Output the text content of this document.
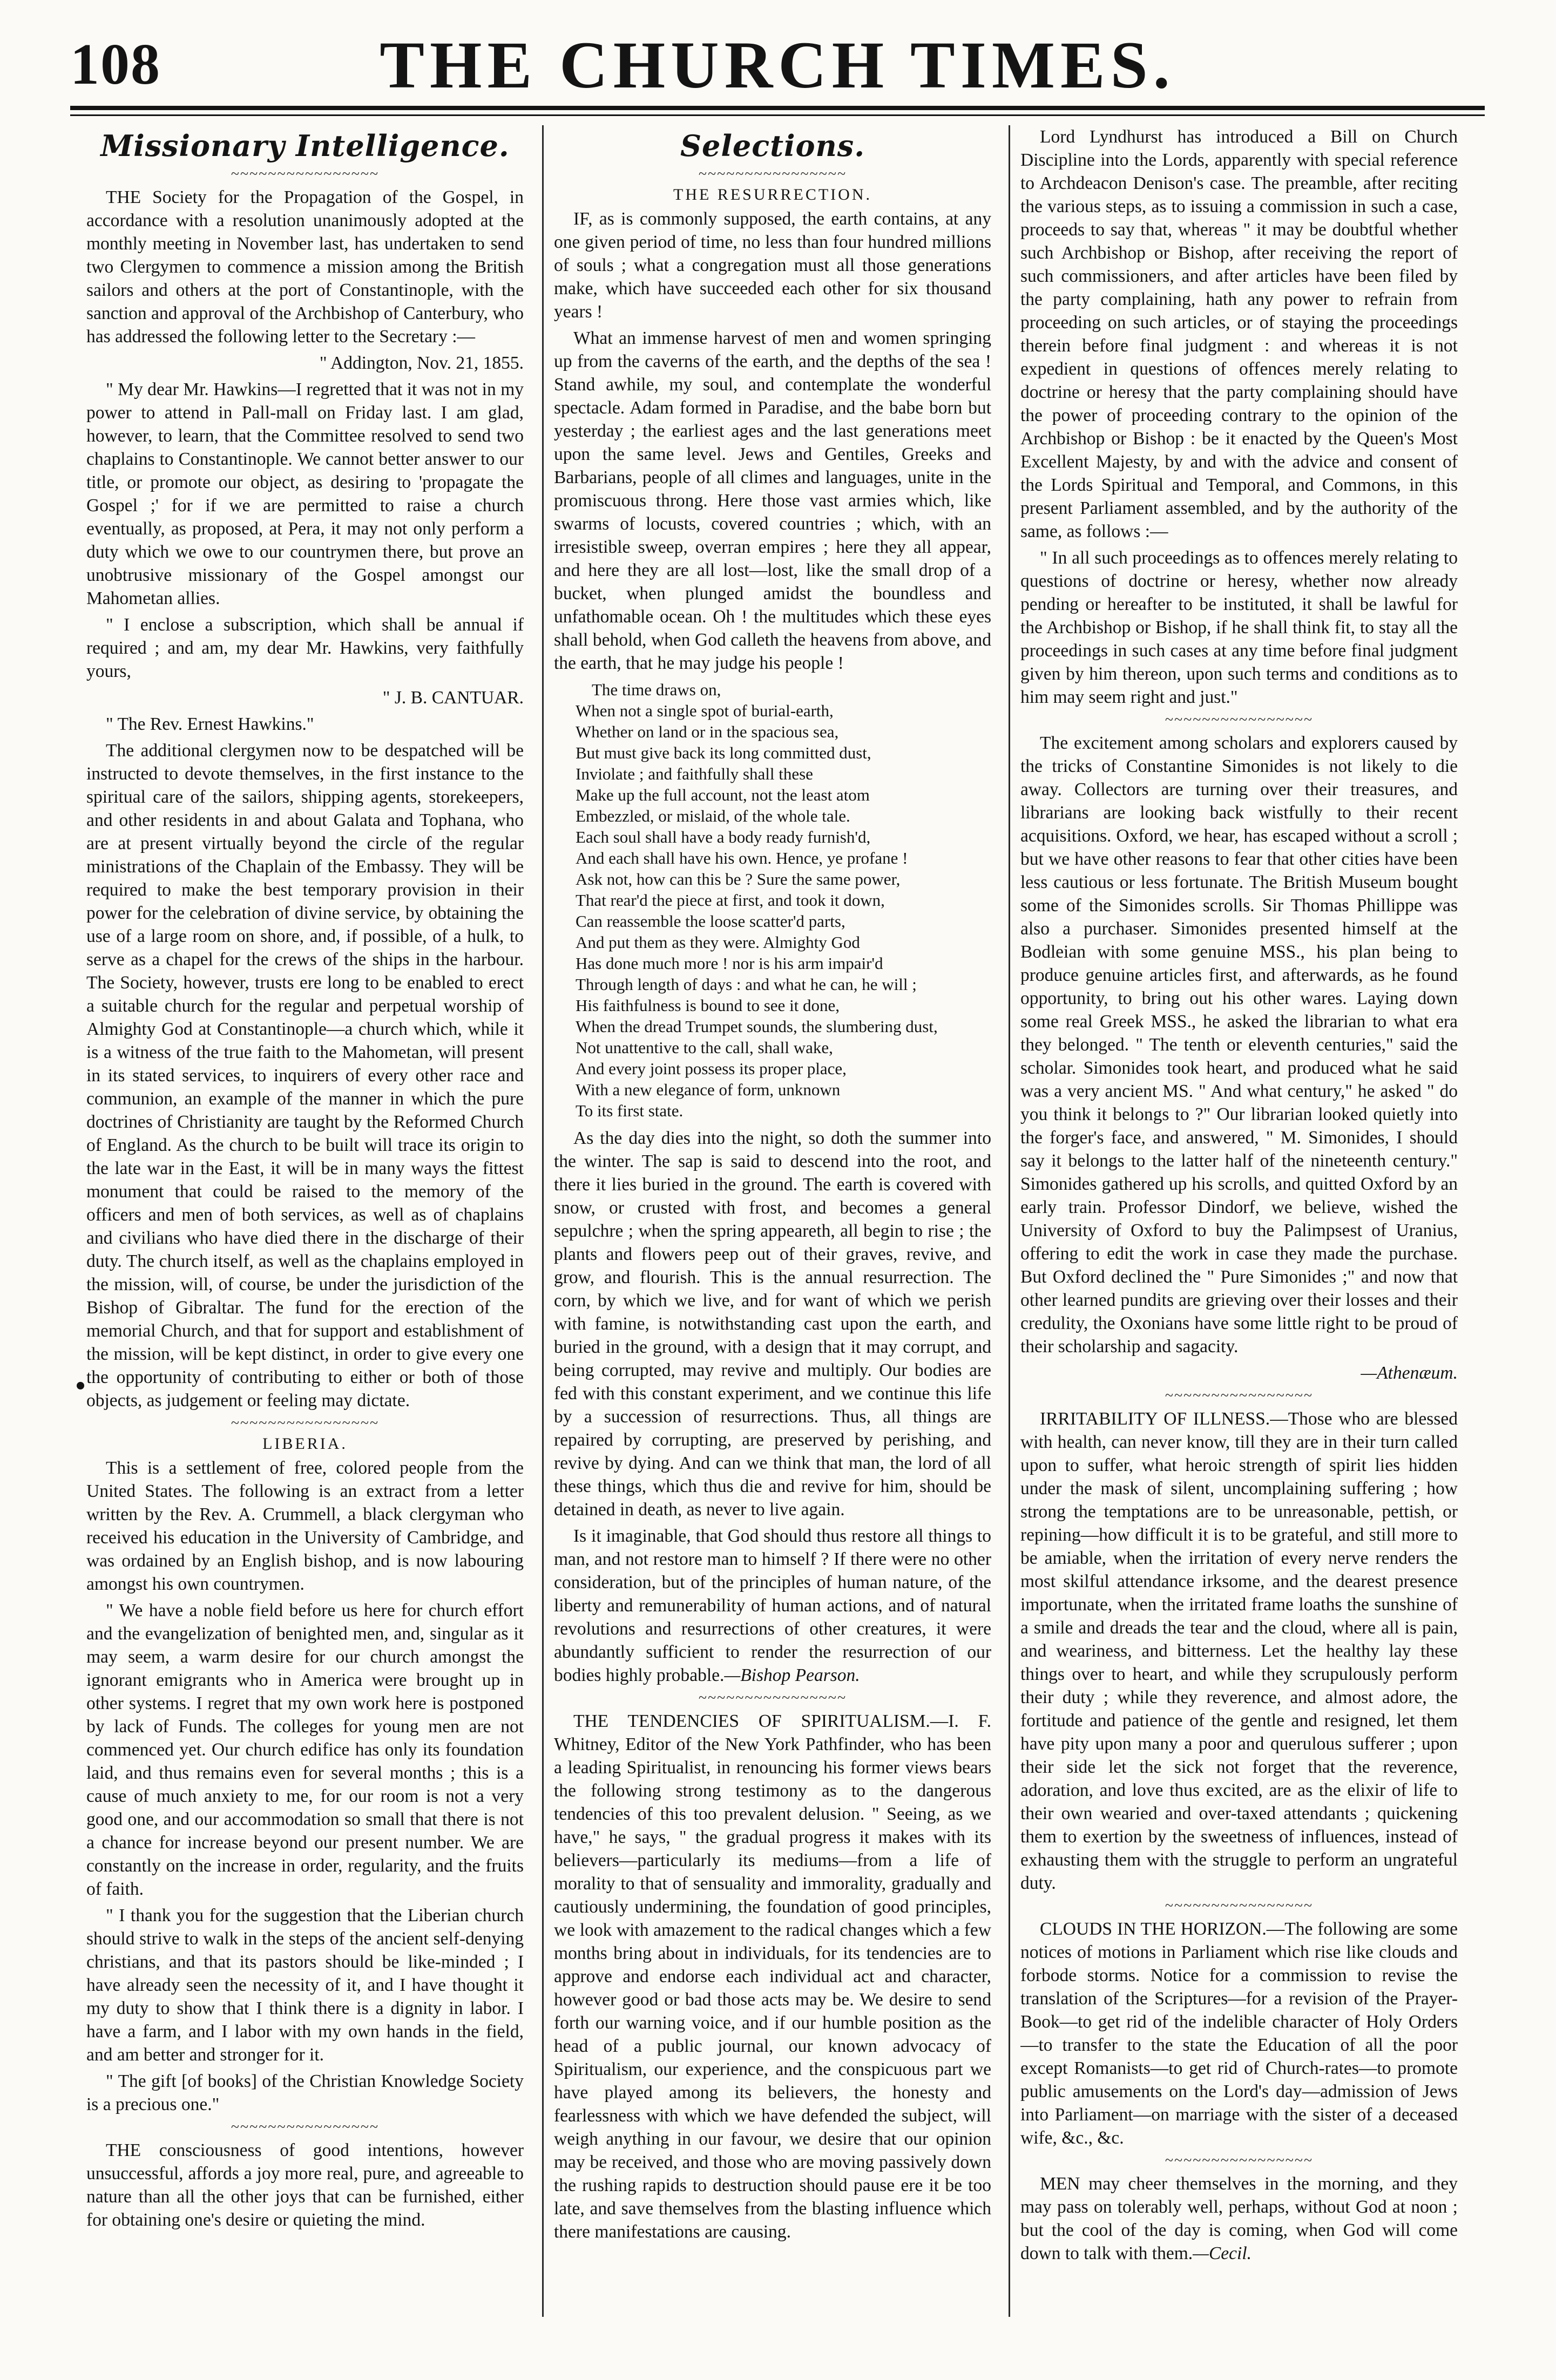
108	THE CHURCH TIMES.
Missionary Intelligence.
~~~~~~~~~~~~~~~~

THE Society for the Propagation of the Gospel, in accordance with a resolution unanimously adopted at the monthly meeting in November last, has undertaken to send two Clergymen to commence a mission among the British sailors and others at the port of Constantinople, with the sanction and approval of the Archbishop of Canterbury, who has addressed the following letter to the Secretary :—

" Addington, Nov. 21, 1855.

" My dear Mr. Hawkins—I regretted that it was not in my power to attend in Pall-mall on Friday last. I am glad, however, to learn, that the Committee resolved to send two chaplains to Constantinople. We cannot better answer to our title, or promote our object, as desiring to 'propagate the Gospel ;' for if we are permitted to raise a church eventually, as proposed, at Pera, it may not only perform a duty which we owe to our countrymen there, but prove an unobtrusive missionary of the Gospel amongst our Mahometan allies.

" I enclose a subscription, which shall be annual if required ; and am, my dear Mr. Hawkins, very faithfully yours,

" J. B. CANTUAR.

" The Rev. Ernest Hawkins."

The additional clergymen now to be despatched will be instructed to devote themselves, in the first instance to the spiritual care of the sailors, shipping agents, storekeepers, and other residents in and about Galata and Tophana, who are at present virtually beyond the circle of the regular ministrations of the Chaplain of the Embassy. They will be required to make the best temporary provision in their power for the celebration of divine service, by obtaining the use of a large room on shore, and, if possible, of a hulk, to serve as a chapel for the crews of the ships in the harbour. The Society, however, trusts ere long to be enabled to erect a suitable church for the regular and perpetual worship of Almighty God at Constantinople—a church which, while it is a witness of the true faith to the Mahometan, will present in its stated services, to inquirers of every other race and communion, an example of the manner in which the pure doctrines of Christianity are taught by the Reformed Church of England. As the church to be built will trace its origin to the late war in the East, it will be in many ways the fittest monument that could be raised to the memory of the officers and men of both services, as well as of chaplains and civilians who have died there in the discharge of their duty. The church itself, as well as the chaplains employed in the mission, will, of course, be under the jurisdiction of the Bishop of Gibraltar. The fund for the erection of the memorial Church, and that for support and establishment of the mission, will be kept distinct, in order to give every one the opportunity of contributing to either or both of those objects, as judgement or feeling may dictate.

~~~~~~~~~~~~~~~~
LIBERIA.

This is a settlement of free, colored people from the United States. The following is an extract from a letter written by the Rev. A. Crummell, a black clergyman who received his education in the University of Cambridge, and was ordained by an English bishop, and is now labouring amongst his own countrymen.

" We have a noble field before us here for church effort and the evangelization of benighted men, and, singular as it may seem, a warm desire for our church amongst the ignorant emigrants who in America were brought up in other systems. I regret that my own work here is postponed by lack of Funds. The colleges for young men are not commenced yet. Our church edifice has only its foundation laid, and thus remains even for several months ; this is a cause of much anxiety to me, for our room is not a very good one, and our accommodation so small that there is not a chance for increase beyond our present number. We are constantly on the increase in order, regularity, and the fruits of faith.

" I thank you for the suggestion that the Liberian church should strive to walk in the steps of the ancient self-denying christians, and that its pastors should be like-minded ; I have already seen the necessity of it, and I have thought it my duty to show that I think there is a dignity in labor. I have a farm, and I labor with my own hands in the field, and am better and stronger for it.

" The gift [of books] of the Christian Knowledge Society is a precious one."

~~~~~~~~~~~~~~~~

THE consciousness of good intentions, however unsuccessful, affords a joy more real, pure, and agreeable to nature than all the other joys that can be furnished, either for obtaining one's desire or quieting the mind.

Selections.
~~~~~~~~~~~~~~~~
THE RESURRECTION.

IF, as is commonly supposed, the earth contains, at any one given period of time, no less than four hundred millions of souls ; what a congregation must all those generations make, which have succeeded each other for six thousand years !

What an immense harvest of men and women springing up from the caverns of the earth, and the depths of the sea ! Stand awhile, my soul, and contemplate the wonderful spectacle. Adam formed in Paradise, and the babe born but yesterday ; the earliest ages and the last generations meet upon the same level. Jews and Gentiles, Greeks and Barbarians, people of all climes and languages, unite in the promiscuous throng. Here those vast armies which, like swarms of locusts, covered countries ; which, with an irresistible sweep, overran empires ; here they all appear, and here they are all lost—lost, like the small drop of a bucket, when plunged amidst the boundless and unfathomable ocean. Oh ! the multitudes which these eyes shall behold, when God calleth the heavens from above, and the earth, that he may judge his people !

The time draws on,
When not a single spot of burial-earth,
Whether on land or in the spacious sea,
But must give back its long committed dust,
Inviolate ; and faithfully shall these
Make up the full account, not the least atom
Embezzled, or mislaid, of the whole tale.
Each soul shall have a body ready furnish'd,
And each shall have his own. Hence, ye profane !
Ask not, how can this be ? Sure the same power,
That rear'd the piece at first, and took it down,
Can reassemble the loose scatter'd parts,
And put them as they were. Almighty God
Has done much more ! nor is his arm impair'd
Through length of days : and what he can, he will ;
His faithfulness is bound to see it done,
When the dread Trumpet sounds, the slumbering dust,
Not unattentive to the call, shall wake,
And every joint possess its proper place,
With a new elegance of form, unknown
To its first state.

As the day dies into the night, so doth the summer into the winter. The sap is said to descend into the root, and there it lies buried in the ground. The earth is covered with snow, or crusted with frost, and becomes a general sepulchre ; when the spring appeareth, all begin to rise ; the plants and flowers peep out of their graves, revive, and grow, and flourish. This is the annual resurrection. The corn, by which we live, and for want of which we perish with famine, is notwithstanding cast upon the earth, and buried in the ground, with a design that it may corrupt, and being corrupted, may revive and multiply. Our bodies are fed with this constant experiment, and we continue this life by a succession of resurrections. Thus, all things are repaired by corrupting, are preserved by perishing, and revive by dying. And can we think that man, the lord of all these things, which thus die and revive for him, should be detained in death, as never to live again.

Is it imaginable, that God should thus restore all things to man, and not restore man to himself ? If there were no other consideration, but of the principles of human nature, of the liberty and remunerability of human actions, and of natural revolutions and resurrections of other creatures, it were abundantly sufficient to render the resurrection of our bodies highly probable.—Bishop Pearson.

~~~~~~~~~~~~~~~~

THE TENDENCIES OF SPIRITUALISM.—I. F. Whitney, Editor of the New York Pathfinder, who has been a leading Spiritualist, in renouncing his former views bears the following strong testimony as to the dangerous tendencies of this too prevalent delusion. " Seeing, as we have," he says, " the gradual progress it makes with its believers—particularly its mediums—from a life of morality to that of sensuality and immorality, gradually and cautiously undermining, the foundation of good principles, we look with amazement to the radical changes which a few months bring about in individuals, for its tendencies are to approve and endorse each individual act and character, however good or bad those acts may be. We desire to send forth our warning voice, and if our humble position as the head of a public journal, our known advocacy of Spiritualism, our experience, and the conspicuous part we have played among its believers, the honesty and fearlessness with which we have defended the subject, will weigh anything in our favour, we desire that our opinion may be received, and those who are moving passively down the rushing rapids to destruction should pause ere it be too late, and save themselves from the blasting influence which there manifestations are causing.

Lord Lyndhurst has introduced a Bill on Church Discipline into the Lords, apparently with special reference to Archdeacon Denison's case. The preamble, after reciting the various steps, as to issuing a commission in such a case, proceeds to say that, whereas " it may be doubtful whether such Archbishop or Bishop, after receiving the report of such commissioners, and after articles have been filed by the party complaining, hath any power to refrain from proceeding on such articles, or of staying the proceedings therein before final judgment : and whereas it is not expedient in questions of offences merely relating to doctrine or heresy that the party complaining should have the power of proceeding contrary to the opinion of the Archbishop or Bishop : be it enacted by the Queen's Most Excellent Majesty, by and with the advice and consent of the Lords Spiritual and Temporal, and Commons, in this present Parliament assembled, and by the authority of the same, as follows :—

" In all such proceedings as to offences merely relating to questions of doctrine or heresy, whether now already pending or hereafter to be instituted, it shall be lawful for the Archbishop or Bishop, if he shall think fit, to stay all the proceedings in such cases at any time before final judgment given by him thereon, upon such terms and conditions as to him may seem right and just."

~~~~~~~~~~~~~~~~

The excitement among scholars and explorers caused by the tricks of Constantine Simonides is not likely to die away. Collectors are turning over their treasures, and librarians are looking back wistfully to their recent acquisitions. Oxford, we hear, has escaped without a scroll ; but we have other reasons to fear that other cities have been less cautious or less fortunate. The British Museum bought some of the Simonides scrolls. Sir Thomas Phillippe was also a purchaser. Simonides presented himself at the Bodleian with some genuine MSS., his plan being to produce genuine articles first, and afterwards, as he found opportunity, to bring out his other wares. Laying down some real Greek MSS., he asked the librarian to what era they belonged. " The tenth or eleventh centuries," said the scholar. Simonides took heart, and produced what he said was a very ancient MS. " And what century," he asked " do you think it belongs to ?" Our librarian looked quietly into the forger's face, and answered, " M. Simonides, I should say it belongs to the latter half of the nineteenth century." Simonides gathered up his scrolls, and quitted Oxford by an early train. Professor Dindorf, we believe, wished the University of Oxford to buy the Palimpsest of Uranius, offering to edit the work in case they made the purchase. But Oxford declined the " Pure Simonides ;" and now that other learned pundits are grieving over their losses and their credulity, the Oxonians have some little right to be proud of their scholarship and sagacity.

—Athenæum.

~~~~~~~~~~~~~~~~

IRRITABILITY OF ILLNESS.—Those who are blessed with health, can never know, till they are in their turn called upon to suffer, what heroic strength of spirit lies hidden under the mask of silent, uncomplaining suffering ; how strong the temptations are to be unreasonable, pettish, or repining—how difficult it is to be grateful, and still more to be amiable, when the irritation of every nerve renders the most skilful attendance irksome, and the dearest presence importunate, when the irritated frame loaths the sunshine of a smile and dreads the tear and the cloud, where all is pain, and weariness, and bitterness. Let the healthy lay these things over to heart, and while they scrupulously perform their duty ; while they reverence, and almost adore, the fortitude and patience of the gentle and resigned, let them have pity upon many a poor and querulous sufferer ; upon their side let the sick not forget that the reverence, adoration, and love thus excited, are as the elixir of life to their own wearied and over-taxed attendants ; quickening them to exertion by the sweetness of influences, instead of exhausting them with the struggle to perform an ungrateful duty.

~~~~~~~~~~~~~~~~

CLOUDS IN THE HORIZON.—The following are some notices of motions in Parliament which rise like clouds and forbode storms. Notice for a commission to revise the translation of the Scriptures—for a revision of the Prayer-Book—to get rid of the indelible character of Holy Orders—to transfer to the state the Education of all the poor except Romanists—to get rid of Church-rates—to promote public amusements on the Lord's day—admission of Jews into Parliament—on marriage with the sister of a deceased wife, &c., &c.

~~~~~~~~~~~~~~~~

MEN may cheer themselves in the morning, and they may pass on tolerably well, perhaps, without God at noon ; but the cool of the day is coming, when God will come down to talk with them.—Cecil.
